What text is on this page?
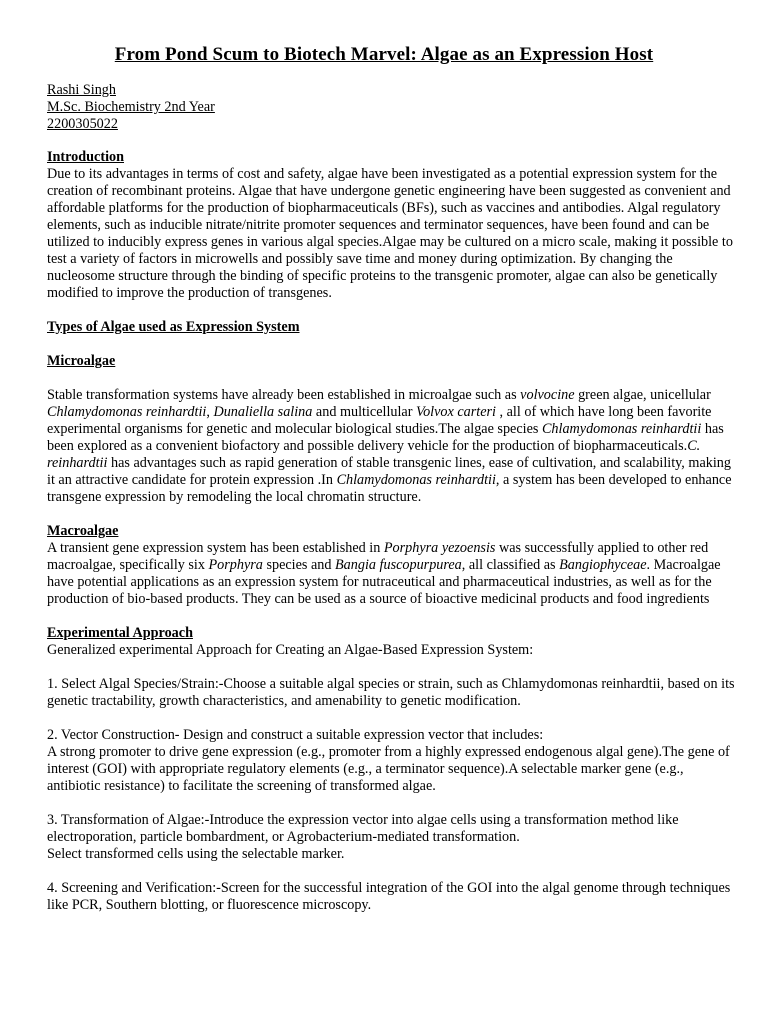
From Pond Scum to Biotech Marvel: Algae as an Expression Host
Rashi Singh
M.Sc. Biochemistry 2nd Year
2200305022
Introduction

Due to its advantages in terms of cost and safety, algae have been investigated as a potential expression system for the creation of recombinant proteins. Algae that have undergone genetic engineering have been suggested as convenient and affordable platforms for the production of biopharmaceuticals (BFs), such as vaccines and antibodies. Algal regulatory elements, such as inducible nitrate/nitrite promoter sequences and terminator sequences, have been found and can be utilized to inducibly express genes in various algal species.Algae may be cultured on a micro scale, making it possible to test a variety of factors in microwells and possibly save time and money during optimization. By changing the nucleosome structure through the binding of specific proteins to the transgenic promoter, algae can also be genetically modified to improve the production of transgenes.

Types of Algae used as Expression System
Microalgae

Stable transformation systems have already been established in microalgae such as volvocine green algae, unicellular Chlamydomonas reinhardtii, Dunaliella salina and multicellular Volvox carteri , all of which have long been favorite experimental organisms for genetic and molecular biological studies.The algae species Chlamydomonas reinhardtii has been explored as a convenient biofactory and possible delivery vehicle for the production of biopharmaceuticals.C. reinhardtii has advantages such as rapid generation of stable transgenic lines, ease of cultivation, and scalability, making it an attractive candidate for protein expression .In Chlamydomonas reinhardtii, a system has been developed to enhance transgene expression by remodeling the local chromatin structure.

Macroalgae

A transient gene expression system has been established in Porphyra yezoensis was successfully applied to other red macroalgae, specifically six Porphyra species and Bangia fuscopurpurea, all classified as Bangiophyceae. Macroalgae have potential applications as an expression system for nutraceutical and pharmaceutical industries, as well as for the production of bio-based products. They can be used as a source of bioactive medicinal products and food ingredients

Experimental Approach

Generalized experimental Approach for Creating an Algae-Based Expression System:

1. Select Algal Species/Strain:-Choose a suitable algal species or strain, such as Chlamydomonas reinhardtii, based on its genetic tractability, growth characteristics, and amenability to genetic modification.

2. Vector Construction- Design and construct a suitable expression vector that includes:

A strong promoter to drive gene expression (e.g., promoter from a highly expressed endogenous algal gene).The gene of interest (GOI) with appropriate regulatory elements (e.g., a terminator sequence).A selectable marker gene (e.g., antibiotic resistance) to facilitate the screening of transformed algae.

3. Transformation of Algae:-Introduce the expression vector into algae cells using a transformation method like electroporation, particle bombardment, or Agrobacterium-mediated transformation.

Select transformed cells using the selectable marker.

4. Screening and Verification:-Screen for the successful integration of the GOI into the algal genome through techniques like PCR, Southern blotting, or fluorescence microscopy.
